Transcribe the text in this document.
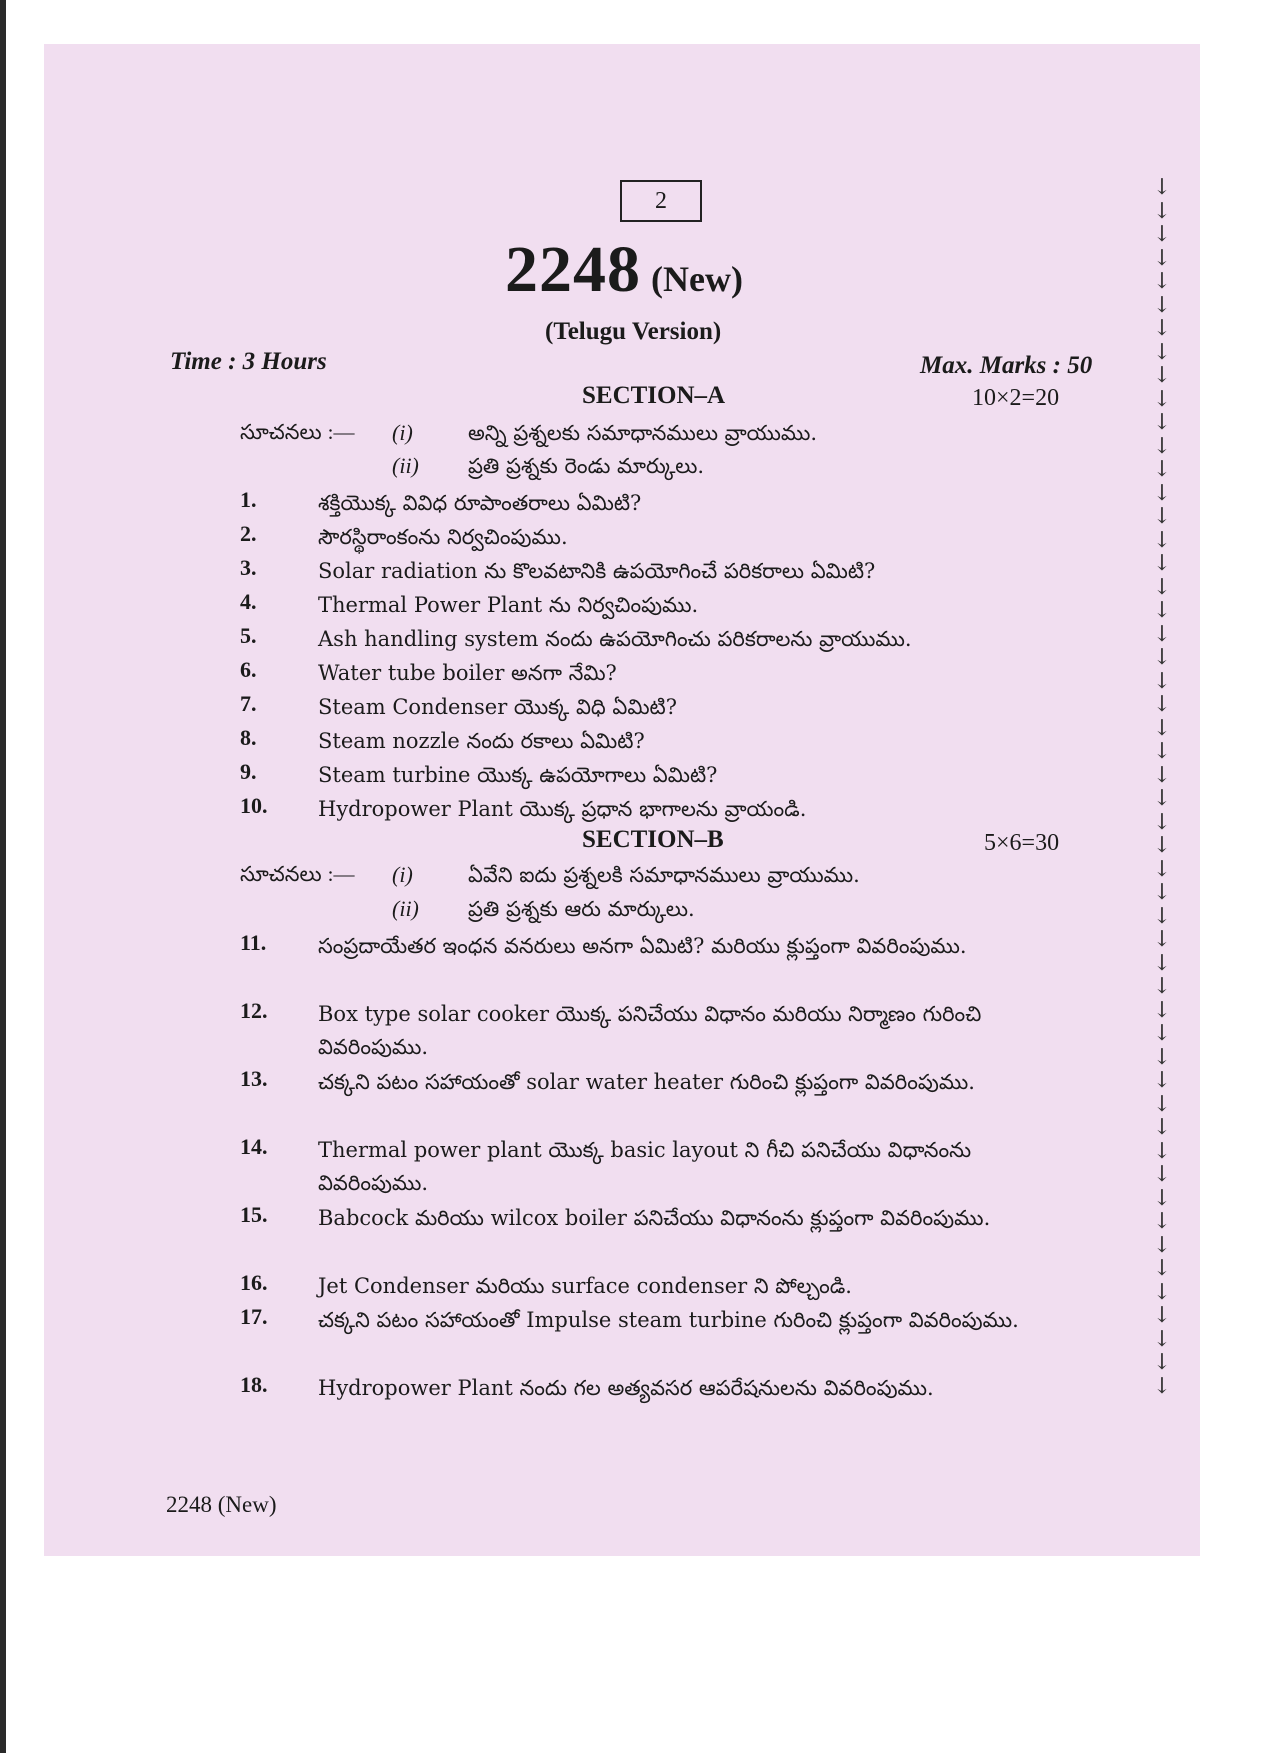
2
2248 (New)
(Telugu Version)
Time : 3 Hours	Max. Marks : 50
SECTION–A	10×2=20
సూచనలు :— (i)	అన్ని ప్రశ్నలకు సమాధానములు వ్రాయుము.
(ii) ప్రతి ప్రశ్నకు రెండు మార్కులు.
1.	శక్తియొక్క వివిధ రూపాంతరాలు ఏమిటి?
2.	సౌరస్థిరాంకంను నిర్వచింపుము.
3.	Solar radiation ను కొలవటానికి ఉపయోగించే పరికరాలు ఏమిటి?
4.	Thermal Power Plant ను నిర్వచింపుము.
5.	Ash handling system నందు ఉపయోగించు పరికరాలను వ్రాయుము.
6.	Water tube boiler అనగా నేమి?
7.	Steam Condenser యొక్క విధి ఏమిటి?
8.	Steam nozzle నందు రకాలు ఏమిటి?
9.	Steam turbine యొక్క ఉపయోగాలు ఏమిటి?
10. Hydropower Plant యొక్క ప్రధాన భాగాలను వ్రాయండి.
SECTION–B	5×6=30
సూచనలు :— (i)	ఏవేని ఐదు ప్రశ్నలకి సమాధానములు వ్రాయుము.
(ii) ప్రతి ప్రశ్నకు ఆరు మార్కులు.
11. సంప్రదాయేతర ఇంధన వనరులు అనగా ఏమిటి? మరియు క్లుప్తంగా వివరింపుము.
12. Box type solar cooker యొక్క పనిచేయు విధానం మరియు నిర్మాణం గురించి వివరింపుము.
13. చక్కని పటం సహాయంతో solar water heater గురించి క్లుప్తంగా వివరింపుము.
14. Thermal power plant యొక్క basic layout ని గీచి పనిచేయు విధానంను వివరింపుము.
15. Babcock మరియు wilcox boiler పనిచేయు విధానంను క్లుప్తంగా వివరింపుము.
16. Jet Condenser మరియు surface condenser ని పోల్చండి.
17. చక్కని పటం సహాయంతో Impulse steam turbine గురించి క్లుప్తంగా వివరింపుము.
18. Hydropower Plant నందు గల అత్యవసర ఆపరేషనులను వివరింపుము.
2248 (New)
↓
↓
↓
↓
↓
↓
↓
↓
↓
↓
↓
↓
↓
↓
↓
↓
↓
↓
↓
↓
↓
↓
↓
↓
↓
↓
↓
↓
↓
↓
↓
↓
↓
↓
↓
↓
↓
↓
↓
↓
↓
↓
↓
↓
↓
↓
↓
↓
↓
↓
↓
↓
